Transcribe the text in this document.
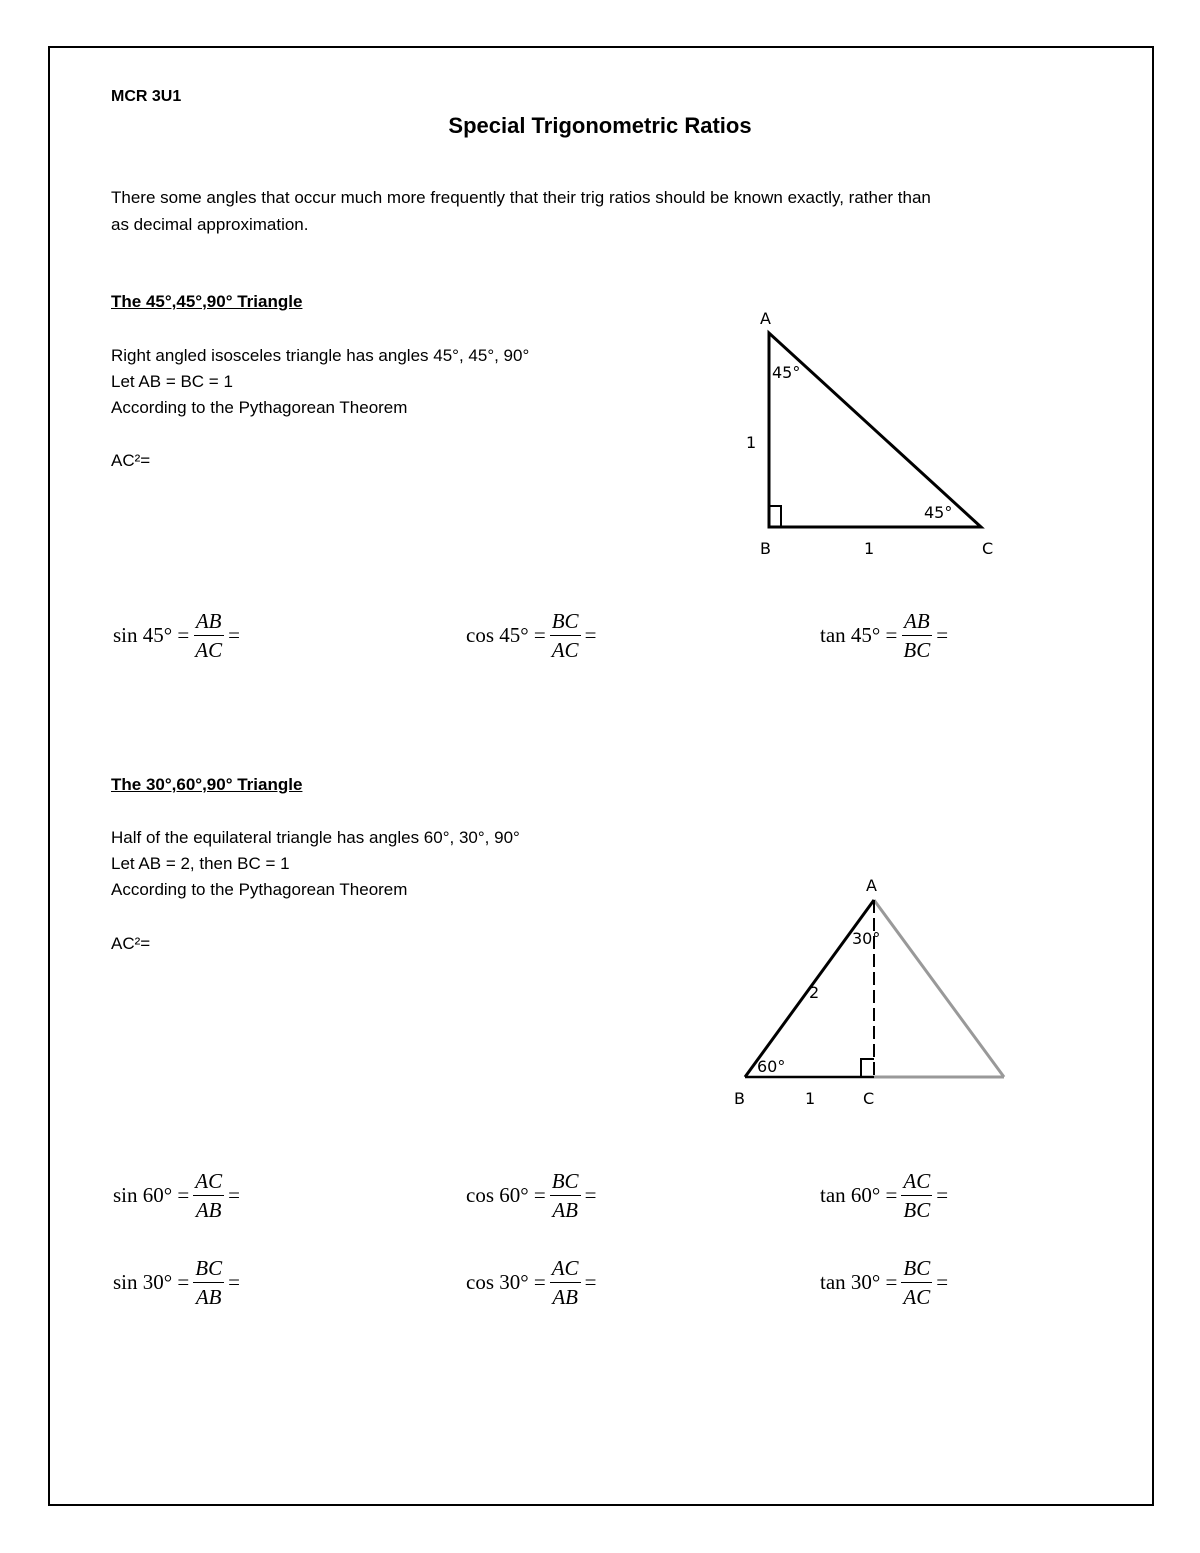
MCR 3U1
Special Trigonometric Ratios
There some angles that occur much more frequently that their trig ratios should be known exactly, rather than
as decimal approximation.
The 45°,45°,90° Triangle
Right angled isosceles triangle has angles 45°, 45°, 90°
Let AB = BC = 1
According to the Pythagorean Theorem
AC²=
A
B	C
1
1
45°
45°
$\sin 45^\circ = \frac{AB}{AC}$ =	$\cos 45^\circ = \frac{BC}{AC}$ =	$\tan 45^\circ = \frac{AB}{BC}$ =
The 30°,60°,90° Triangle
Half of the equilateral triangle has angles 60°, 30°, 90°
Let AB = 2, then BC = 1
According to the Pythagorean Theorem
AC²=
A
B	C
2
1
30°
60°
$\sin 60^\circ = \frac{AC}{AB}$ =	$\cos 60^\circ = \frac{BC}{AB}$ =	$\tan 60^\circ = \frac{AC}{BC}$ =
$\sin 30^\circ = \frac{BC}{AB}$ =	$\cos 30^\circ = \frac{AC}{AB}$ =	$\tan 30^\circ = \frac{BC}{AC}$ =
